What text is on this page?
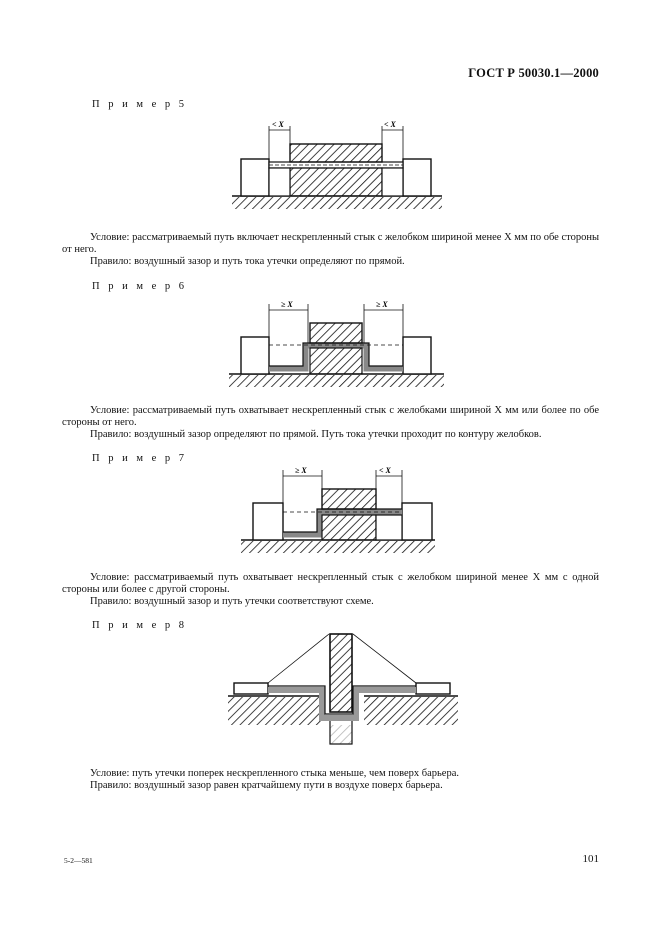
ГОСТ Р 50030.1—2000
П р и м е р 5
< X	< X
Условие: рассматриваемый путь включает нескрепленный стык с желобком шириной менее X мм по обе стороны от него.
Правило: воздушный зазор и путь тока утечки определяют по прямой.
П р и м е р 6
≥ X	≥ X
Условие: рассматриваемый путь охватывает нескрепленный стык с желобками шириной X мм или более по обе стороны от него.
Правило: воздушный зазор определяют по прямой. Путь тока утечки проходит по контуру желобков.
П р и м е р 7
≥ X	< X
Условие: рассматриваемый путь охватывает нескрепленный стык с желобком шириной менее X мм с одной стороны или более с другой стороны.
Правило: воздушный зазор и путь утечки соответствуют схеме.
П р и м е р 8
Условие: путь утечки поперек нескрепленного стыка меньше, чем поверх барьера.
Правило: воздушный зазор равен кратчайшему пути в воздухе поверх барьера.
5-2—581	101
